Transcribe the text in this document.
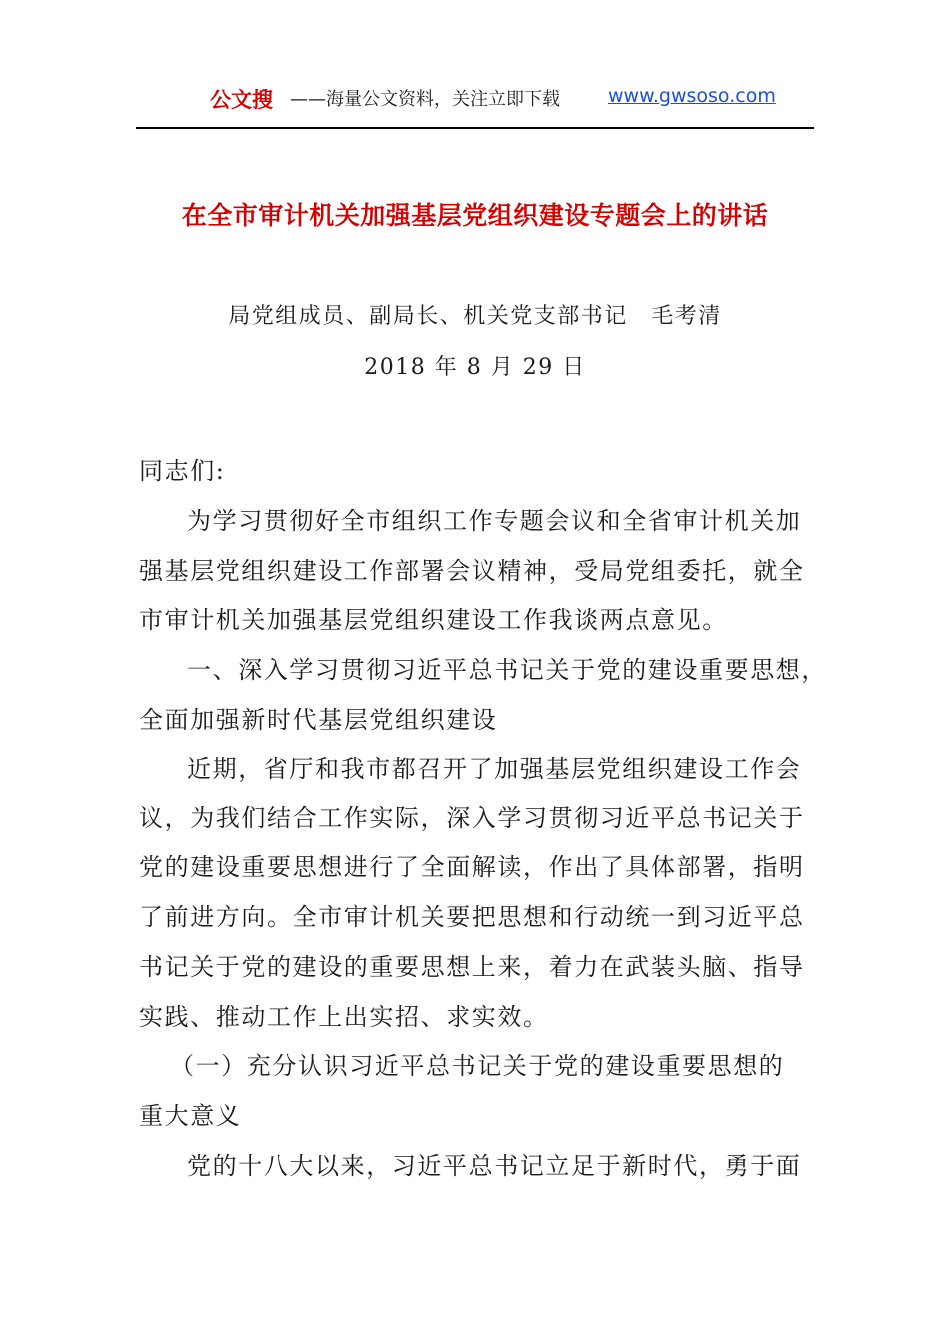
公文搜 ——海量公文资料，关注立即下载	www.gwsoso.com
在全市审计机关加强基层党组织建设专题会上的讲话
局党组成员、副局长、机关党支部书记　毛考清
2018 年 8 月 29 日
同志们:
为学习贯彻好全市组织工作专题会议和全省审计机关加
强基层党组织建设工作部署会议精神，受局党组委托，就全
市审计机关加强基层党组织建设工作我谈两点意见。
一、深入学习贯彻习近平总书记关于党的建设重要思想，
全面加强新时代基层党组织建设
近期，省厅和我市都召开了加强基层党组织建设工作会
议，为我们结合工作实际，深入学习贯彻习近平总书记关于
党的建设重要思想进行了全面解读，作出了具体部署，指明
了前进方向。全市审计机关要把思想和行动统一到习近平总
书记关于党的建设的重要思想上来，着力在武装头脑、指导
实践、推动工作上出实招、求实效。
（一）充分认识习近平总书记关于党的建设重要思想的
重大意义
党的十八大以来，习近平总书记立足于新时代，勇于面
